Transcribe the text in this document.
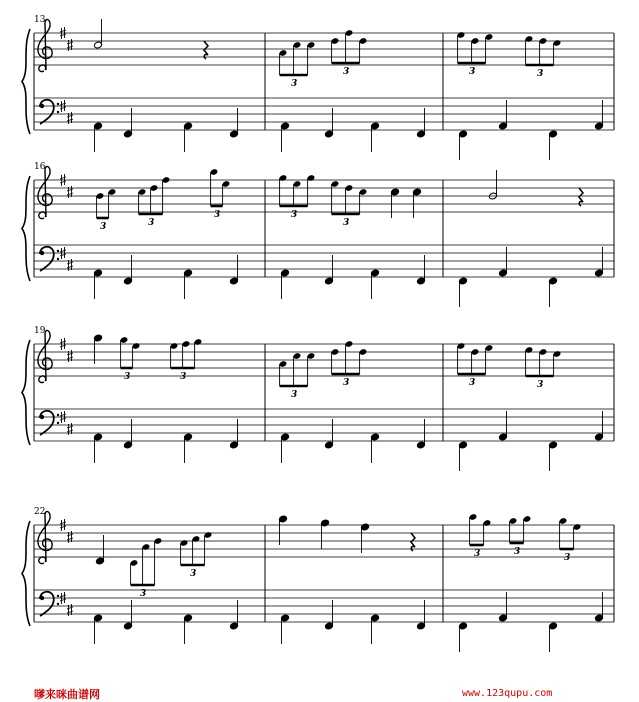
13
3
3	3	3
16
3	3
3	3
3
19
3	3
3
3	3	3
22
3
3
3	3
3
嗲来咪曲谱网	www.123qupu.com
